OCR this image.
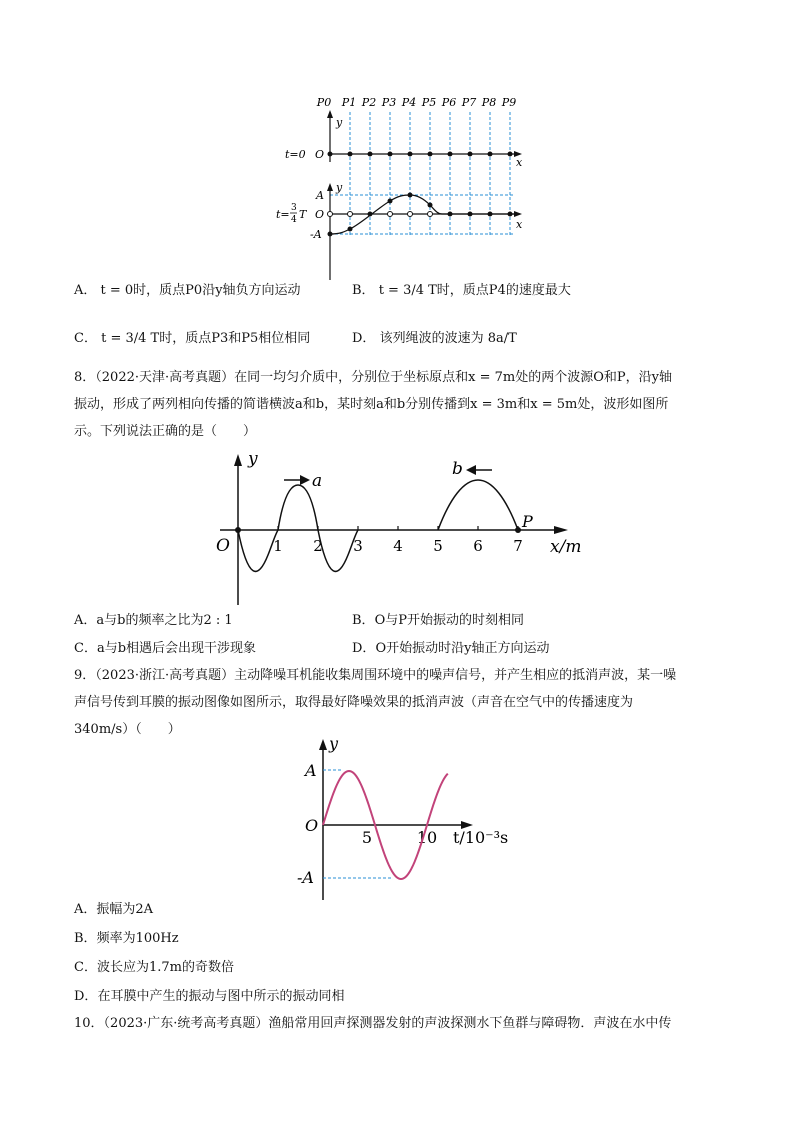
P0 P1 P2 P3 P4 P5 P6 P7 P8 P9
y
x
t=0 O
y
x
A
O
-A
t= 3
4 T
A． t = 0时，质点P0沿y轴负方向运动	B． t = 3/4 T时，质点P4的速度最大
C． t = 3/4 T时，质点P3和P5相位相同	D． 该列绳波的波速为 8a/T
8．（2022·天津·高考真题）在同一均匀介质中，分别位于坐标原点和x = 7m处的两个波源O和P，沿y轴
振动，形成了两列相向传播的简谐横波a和b，某时刻a和b分别传播到x = 3m和x = 5m处，波形如图所
示。下列说法正确的是（　　）
y
x/m
O	1 2 3 4 5 6 7
a
b
P
A．a与b的频率之比为2 : 1	B．O与P开始振动的时刻相同
C．a与b相遇后会出现干涉现象	D．O开始振动时沿y轴正方向运动
9．（2023·浙江·高考真题）主动降噪耳机能收集周围环境中的噪声信号，并产生相应的抵消声波，某一噪
声信号传到耳膜的振动图像如图所示，取得最好降噪效果的抵消声波（声音在空气中的传播速度为
340m/s）（　　）
y
A
O
-A
5	10 t/10⁻³s
A．振幅为2A
B．频率为100Hz
C．波长应为1.7m的奇数倍
D．在耳膜中产生的振动与图中所示的振动同相
10．（2023·广东·统考高考真题）渔船常用回声探测器发射的声波探测水下鱼群与障碍物．声波在水中传
